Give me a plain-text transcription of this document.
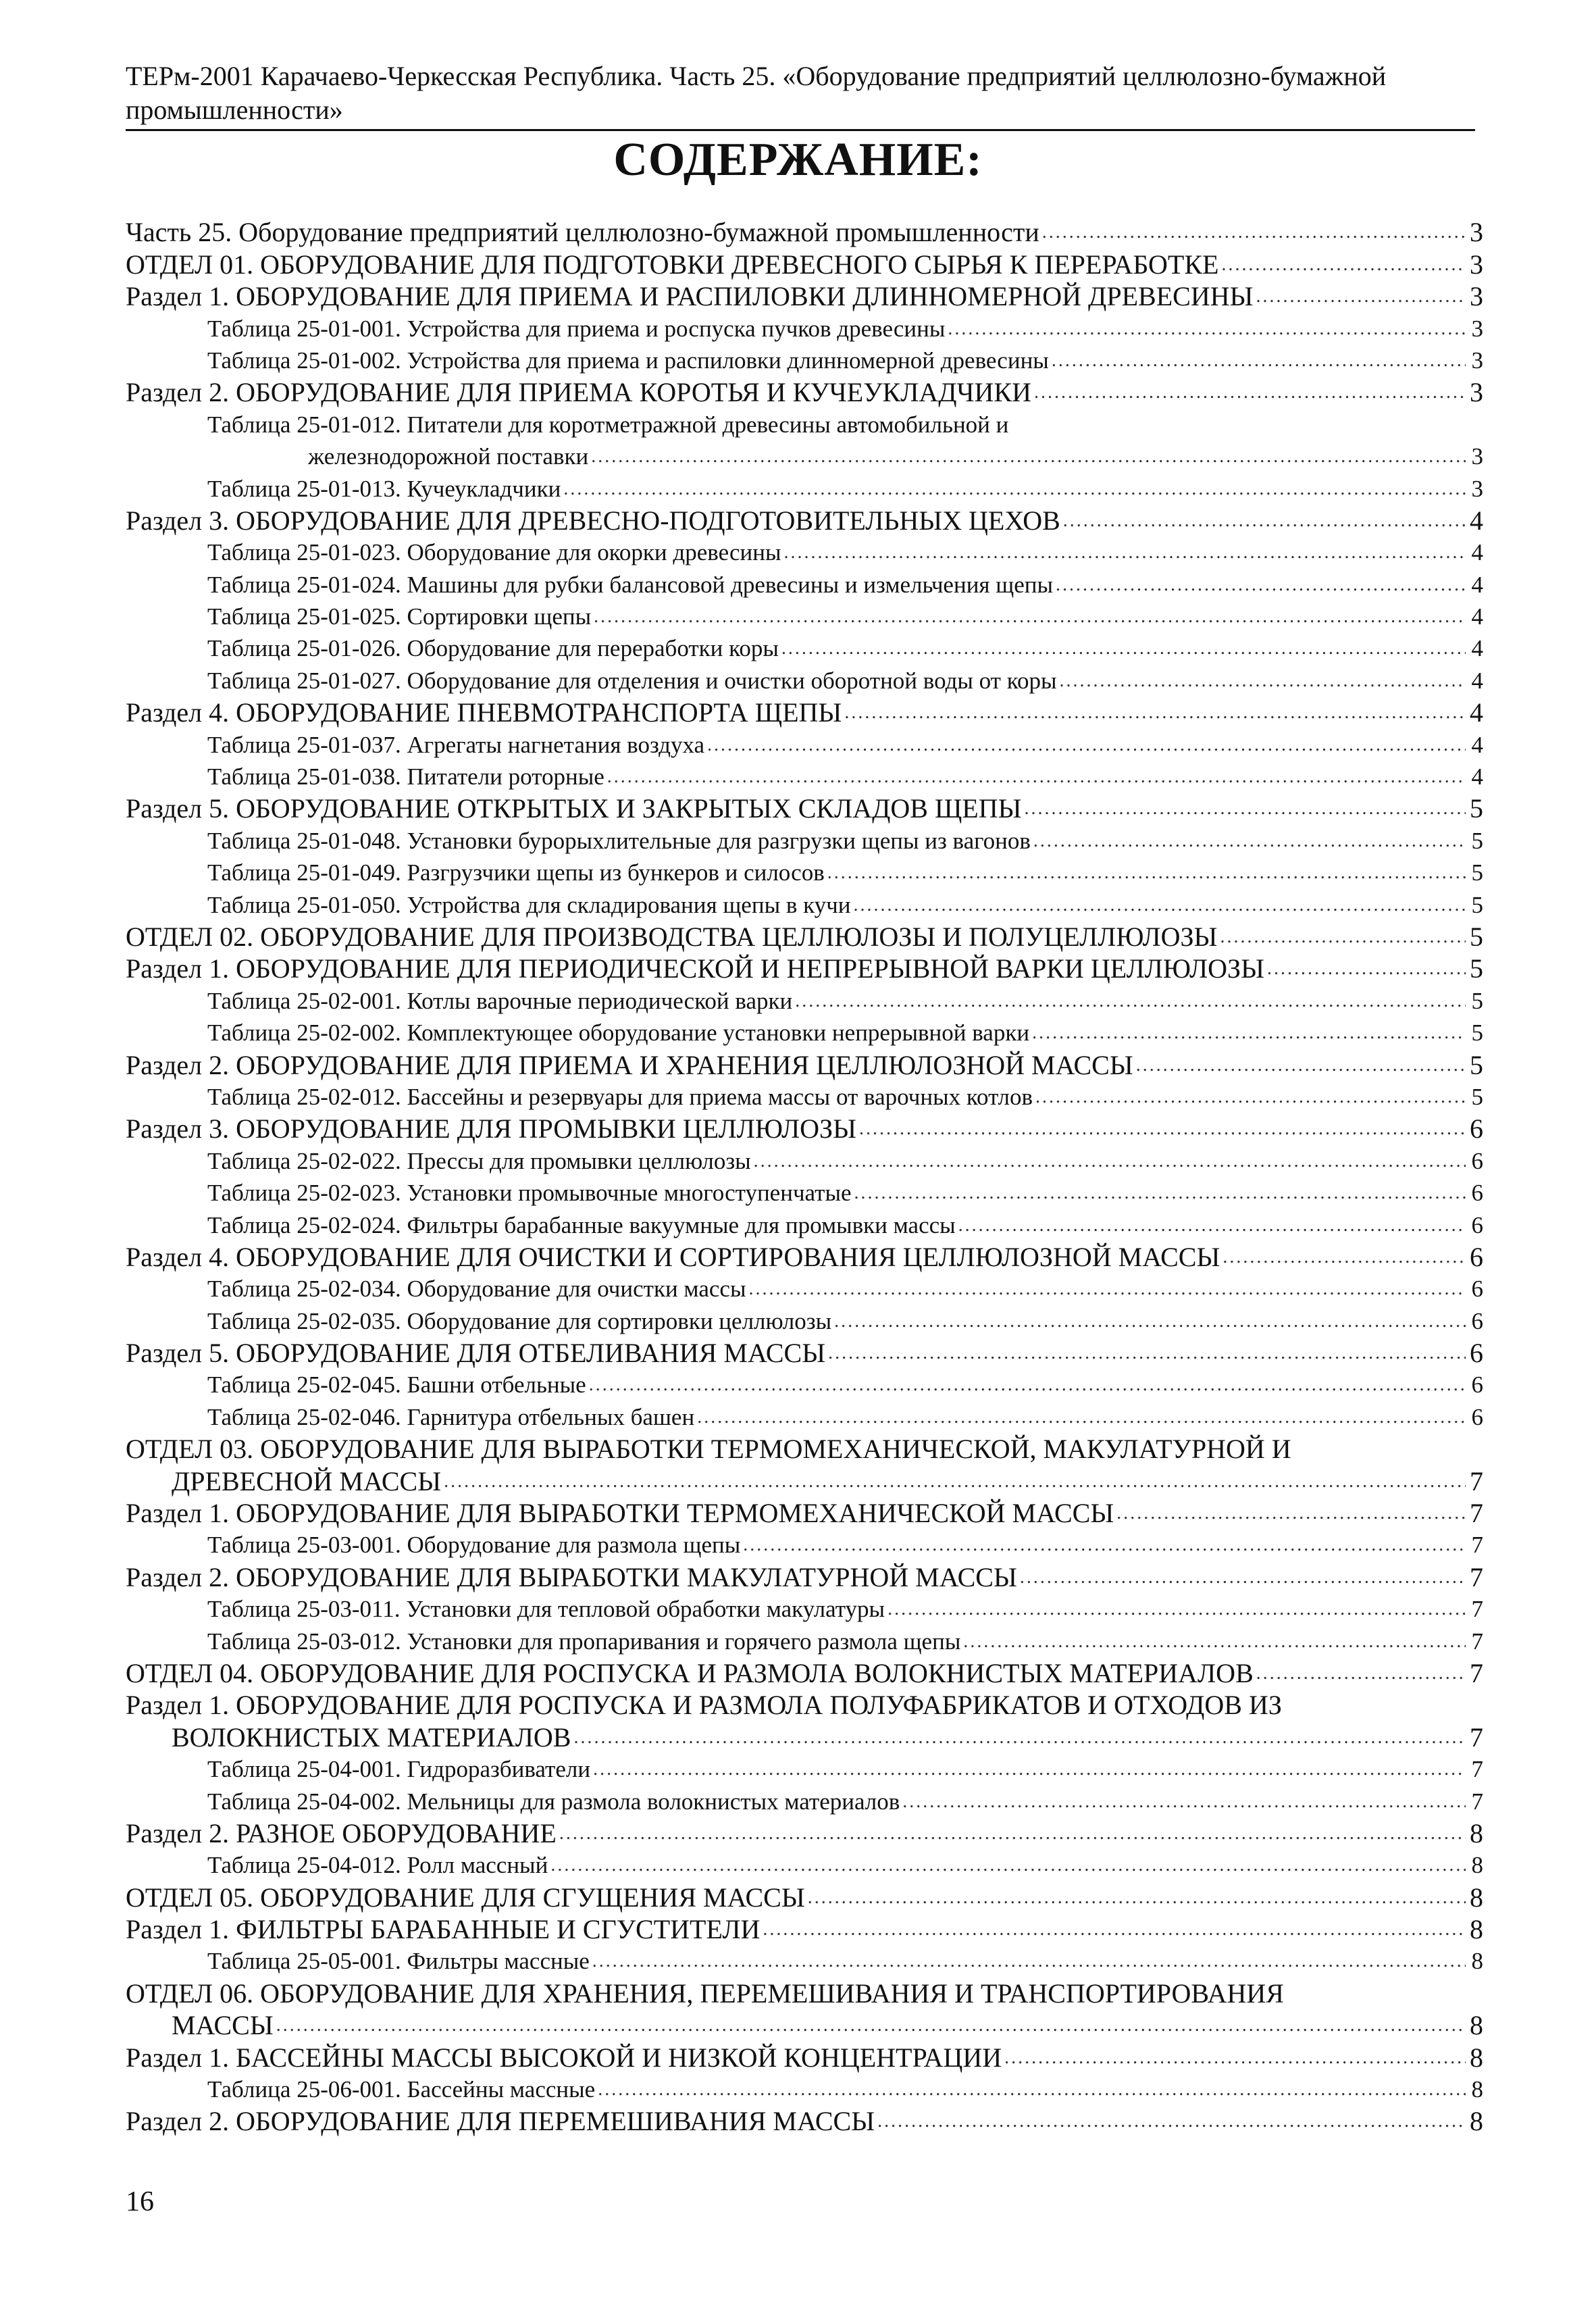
ТЕРм-2001 Карачаево-Черкесская Республика. Часть 25. «Оборудование предприятий целлюлозно-бумажной промышленности»
СОДЕРЖАНИЕ:
Часть 25. Оборудование предприятий целлюлозно-бумажной промышленности .....	3
ОТДЕЛ 01. ОБОРУДОВАНИЕ ДЛЯ ПОДГОТОВКИ ДРЕВЕСНОГО СЫРЬЯ К ПЕРЕРАБОТКЕ .....	3
Раздел 1. ОБОРУДОВАНИЕ ДЛЯ ПРИЕМА И РАСПИЛОВКИ ДЛИННОМЕРНОЙ ДРЕВЕСИНЫ .....	3
Таблица 25-01-001. Устройства для приема и роспуска пучков древесины .....	3
Таблица 25-01-002. Устройства для приема и распиловки длинномерной древесины .....	3
Раздел 2. ОБОРУДОВАНИЕ ДЛЯ ПРИЕМА КОРОТЬЯ И КУЧЕУКЛАДЧИКИ .....	3
Таблица 25-01-012. Питатели для коротметражной древесины автомобильной и
железнодорожной поставки .....	3
Таблица 25-01-013. Кучеукладчики .....	3
Раздел 3. ОБОРУДОВАНИЕ ДЛЯ ДРЕВЕСНО-ПОДГОТОВИТЕЛЬНЫХ ЦЕХОВ .....	4
Таблица 25-01-023. Оборудование для окорки древесины .....	4
Таблица 25-01-024. Машины для рубки балансовой древесины и измельчения щепы .....	4
Таблица 25-01-025. Сортировки щепы .....	4
Таблица 25-01-026. Оборудование для переработки коры .....	4
Таблица 25-01-027. Оборудование для отделения и очистки оборотной воды от коры .....	4
Раздел 4. ОБОРУДОВАНИЕ ПНЕВМОТРАНСПОРТА ЩЕПЫ .....	4
Таблица 25-01-037. Агрегаты нагнетания воздуха .....	4
Таблица 25-01-038. Питатели роторные .....	4
Раздел 5. ОБОРУДОВАНИЕ ОТКРЫТЫХ И ЗАКРЫТЫХ СКЛАДОВ ЩЕПЫ .....	5
Таблица 25-01-048. Установки бурорыхлительные для разгрузки щепы из вагонов .....	5
Таблица 25-01-049. Разгрузчики щепы из бункеров и силосов .....	5
Таблица 25-01-050. Устройства для складирования щепы в кучи .....	5
ОТДЕЛ 02. ОБОРУДОВАНИЕ ДЛЯ ПРОИЗВОДСТВА ЦЕЛЛЮЛОЗЫ И ПОЛУЦЕЛЛЮЛОЗЫ .....	5
Раздел 1. ОБОРУДОВАНИЕ ДЛЯ ПЕРИОДИЧЕСКОЙ И НЕПРЕРЫВНОЙ ВАРКИ ЦЕЛЛЮЛОЗЫ .....	5
Таблица 25-02-001. Котлы варочные периодической варки .....	5
Таблица 25-02-002. Комплектующее оборудование установки непрерывной варки .....	5
Раздел 2. ОБОРУДОВАНИЕ ДЛЯ ПРИЕМА И ХРАНЕНИЯ ЦЕЛЛЮЛОЗНОЙ МАССЫ .....	5
Таблица 25-02-012. Бассейны и резервуары для приема массы от варочных котлов .....	5
Раздел 3. ОБОРУДОВАНИЕ ДЛЯ ПРОМЫВКИ ЦЕЛЛЮЛОЗЫ .....	6
Таблица 25-02-022. Прессы для промывки целлюлозы .....	6
Таблица 25-02-023. Установки промывочные многоступенчатые .....	6
Таблица 25-02-024. Фильтры барабанные вакуумные для промывки массы .....	6
Раздел 4. ОБОРУДОВАНИЕ ДЛЯ ОЧИСТКИ И СОРТИРОВАНИЯ ЦЕЛЛЮЛОЗНОЙ МАССЫ .....	6
Таблица 25-02-034. Оборудование для очистки массы .....	6
Таблица 25-02-035. Оборудование для сортировки целлюлозы .....	6
Раздел 5. ОБОРУДОВАНИЕ ДЛЯ ОТБЕЛИВАНИЯ МАССЫ .....	6
Таблица 25-02-045. Башни отбельные .....	6
Таблица 25-02-046. Гарнитура отбельных башен .....	6
ОТДЕЛ 03. ОБОРУДОВАНИЕ ДЛЯ ВЫРАБОТКИ ТЕРМОМЕХАНИЧЕСКОЙ, МАКУЛАТУРНОЙ И
ДРЕВЕСНОЙ МАССЫ .....	7
Раздел 1. ОБОРУДОВАНИЕ ДЛЯ ВЫРАБОТКИ ТЕРМОМЕХАНИЧЕСКОЙ МАССЫ .....	7
Таблица 25-03-001. Оборудование для размола щепы .....	7
Раздел 2. ОБОРУДОВАНИЕ ДЛЯ ВЫРАБОТКИ МАКУЛАТУРНОЙ МАССЫ .....	7
Таблица 25-03-011. Установки для тепловой обработки макулатуры .....	7
Таблица 25-03-012. Установки для пропаривания и горячего размола щепы .....	7
ОТДЕЛ 04. ОБОРУДОВАНИЕ ДЛЯ РОСПУСКА И РАЗМОЛА ВОЛОКНИСТЫХ МАТЕРИАЛОВ .....	7
Раздел 1. ОБОРУДОВАНИЕ ДЛЯ РОСПУСКА И РАЗМОЛА ПОЛУФАБРИКАТОВ И ОТХОДОВ ИЗ
ВОЛОКНИСТЫХ МАТЕРИАЛОВ .....	7
Таблица 25-04-001. Гидроразбиватели .....	7
Таблица 25-04-002. Мельницы для размола волокнистых материалов .....	7
Раздел 2. РАЗНОЕ ОБОРУДОВАНИЕ .....	8
Таблица 25-04-012. Ролл массный .....	8
ОТДЕЛ 05. ОБОРУДОВАНИЕ ДЛЯ СГУЩЕНИЯ МАССЫ .....	8
Раздел 1. ФИЛЬТРЫ БАРАБАННЫЕ И СГУСТИТЕЛИ .....	8
Таблица 25-05-001. Фильтры массные .....	8
ОТДЕЛ 06. ОБОРУДОВАНИЕ ДЛЯ ХРАНЕНИЯ, ПЕРЕМЕШИВАНИЯ И ТРАНСПОРТИРОВАНИЯ
МАССЫ .....	8
Раздел 1. БАССЕЙНЫ МАССЫ ВЫСОКОЙ И НИЗКОЙ КОНЦЕНТРАЦИИ .....	8
Таблица 25-06-001. Бассейны массные .....	8
Раздел 2. ОБОРУДОВАНИЕ ДЛЯ ПЕРЕМЕШИВАНИЯ МАССЫ .....	8
16
